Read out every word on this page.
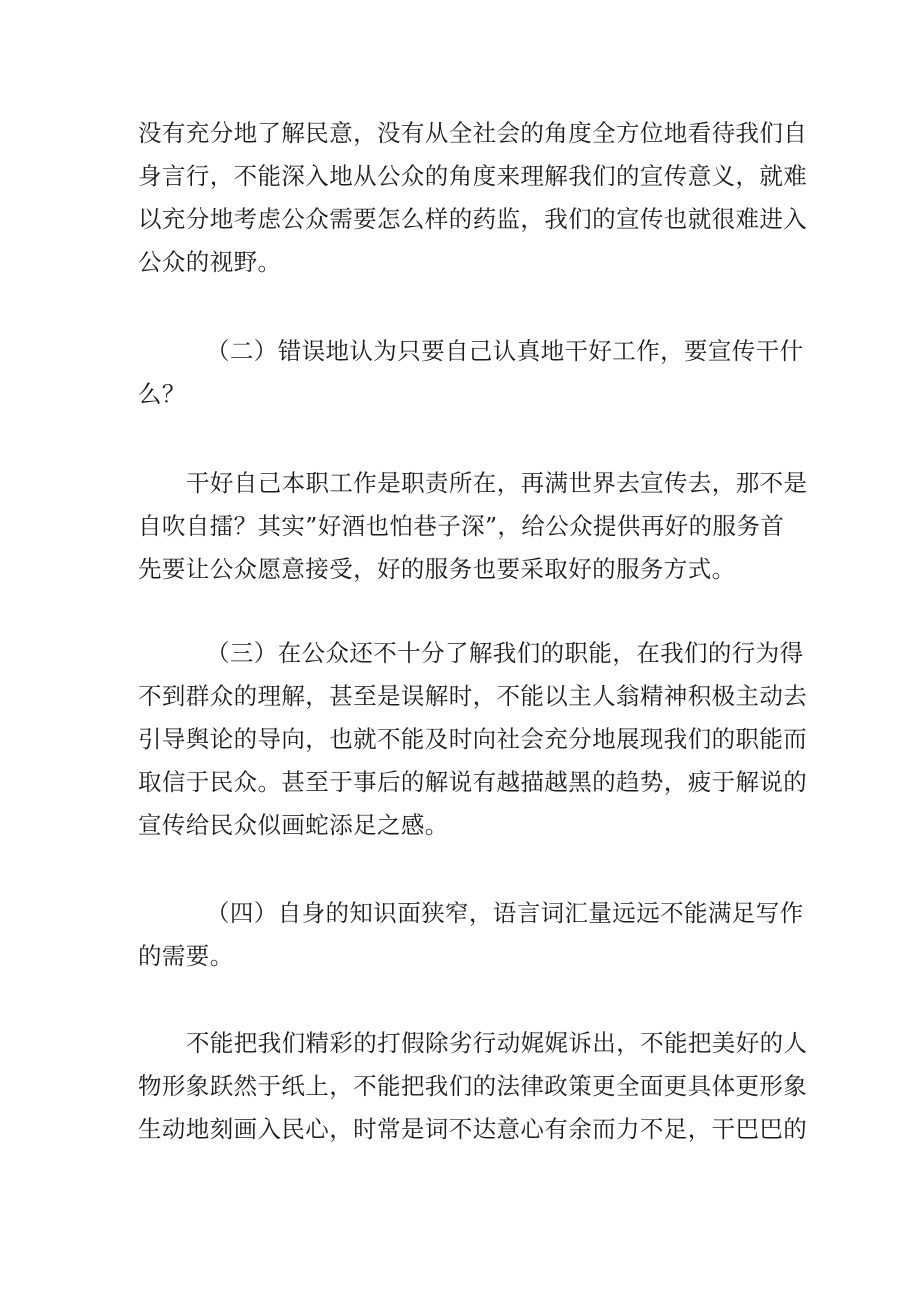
没有充分地了解民意，没有从全社会的角度全方位地看待我们自
身言行，不能深入地从公众的角度来理解我们的宣传意义，就难
以充分地考虑公众需要怎么样的药监，我们的宣传也就很难进入
公众的视野。

（二）错误地认为只要自己认真地干好工作，要宣传干什
么？

干好自己本职工作是职责所在，再满世界去宣传去，那不是
自吹自擂？其实”好酒也怕巷子深”，给公众提供再好的服务首
先要让公众愿意接受，好的服务也要采取好的服务方式。

（三）在公众还不十分了解我们的职能，在我们的行为得
不到群众的理解，甚至是误解时，不能以主人翁精神积极主动去
引导舆论的导向，也就不能及时向社会充分地展现我们的职能而
取信于民众。甚至于事后的解说有越描越黑的趋势，疲于解说的
宣传给民众似画蛇添足之感。

（四）自身的知识面狭窄，语言词汇量远远不能满足写作
的需要。

不能把我们精彩的打假除劣行动娓娓诉出，不能把美好的人
物形象跃然于纸上，不能把我们的法律政策更全面更具体更形象
生动地刻画入民心，时常是词不达意心有余而力不足，干巴巴的
